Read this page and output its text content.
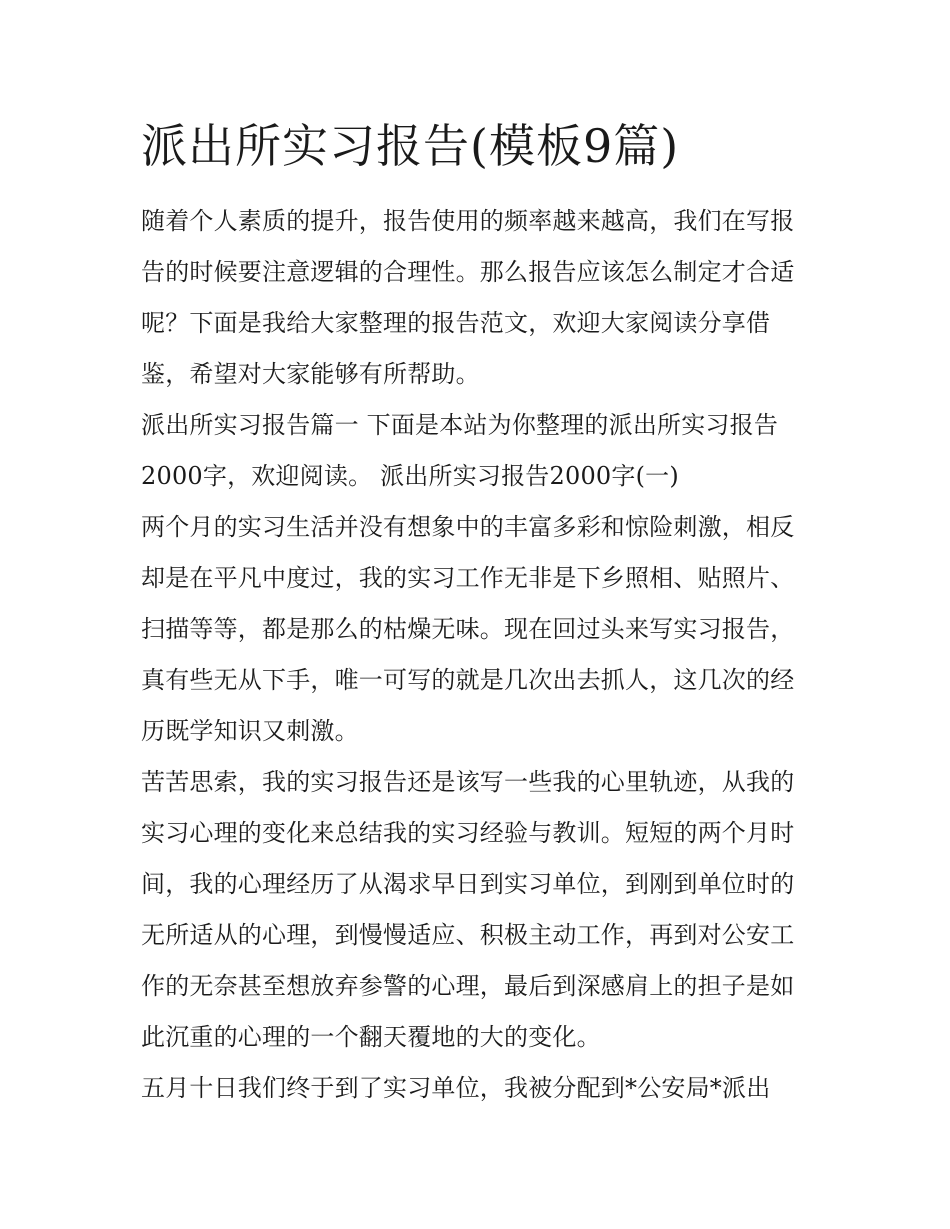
派出所实习报告(模板9篇)

随着个人素质的提升，报告使用的频率越来越高，我们在写报
告的时候要注意逻辑的合理性。那么报告应该怎么制定才合适
呢？下面是我给大家整理的报告范文，欢迎大家阅读分享借
鉴，希望对大家能够有所帮助。

派出所实习报告篇一 下面是本站为你整理的派出所实习报告
2000字，欢迎阅读。 派出所实习报告2000字(一)

两个月的实习生活并没有想象中的丰富多彩和惊险刺激，相反
却是在平凡中度过，我的实习工作无非是下乡照相、贴照片、
扫描等等，都是那么的枯燥无味。现在回过头来写实习报告，
真有些无从下手，唯一可写的就是几次出去抓人，这几次的经
历既学知识又刺激。

苦苦思索，我的实习报告还是该写一些我的心里轨迹，从我的
实习心理的变化来总结我的实习经验与教训。短短的两个月时
间，我的心理经历了从渴求早日到实习单位，到刚到单位时的
无所适从的心理，到慢慢适应、积极主动工作，再到对公安工
作的无奈甚至想放弃参警的心理，最后到深感肩上的担子是如
此沉重的心理的一个翻天覆地的大的变化。

五月十日我们终于到了实习单位，我被分配到*公安局*派出
